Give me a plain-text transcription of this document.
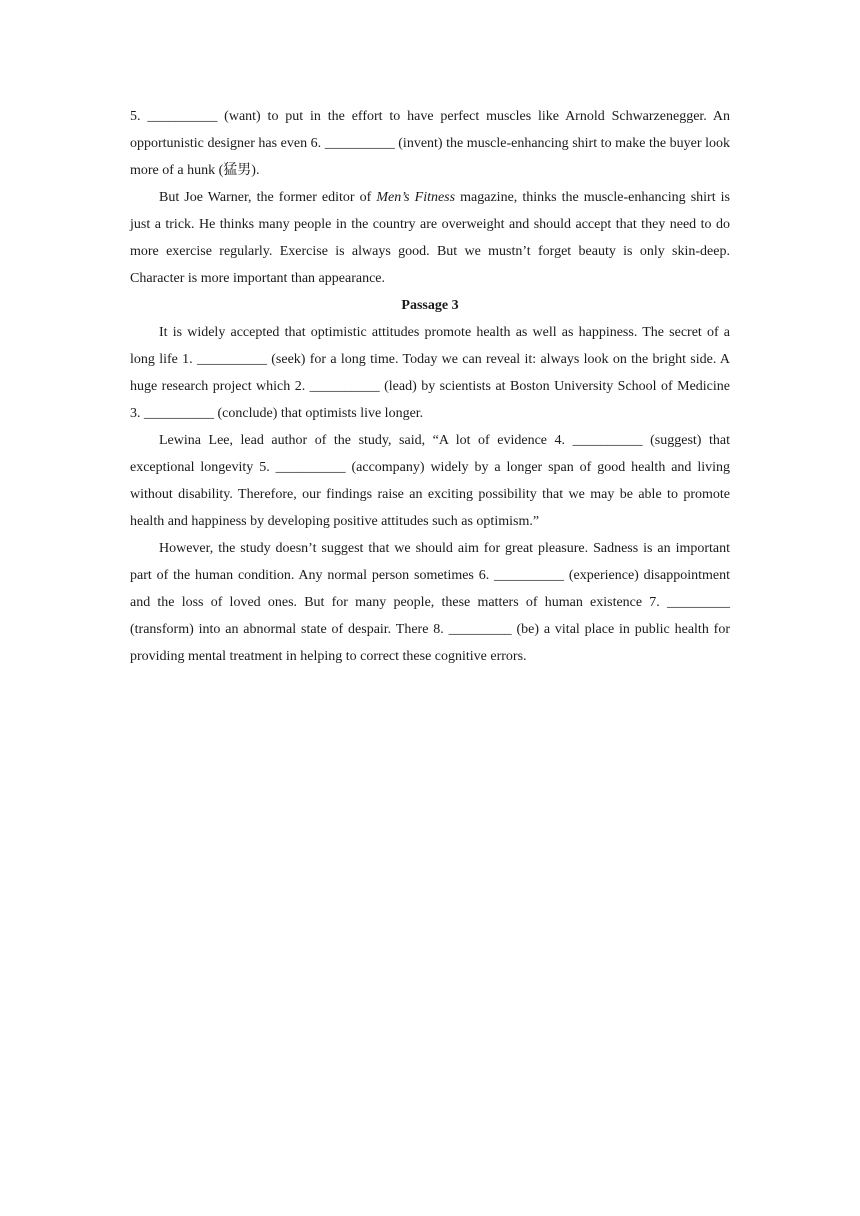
5. __________ (want) to put in the effort to have perfect muscles like Arnold Schwarzenegger. An opportunistic designer has even 6. __________ (invent) the muscle-enhancing shirt to make the buyer look more of a hunk (猛男).

But Joe Warner, the former editor of Men’s Fitness magazine, thinks the muscle-enhancing shirt is just a trick. He thinks many people in the country are overweight and should accept that they need to do more exercise regularly. Exercise is always good. But we mustn’t forget beauty is only skin-deep. Character is more important than appearance.

Passage 3

It is widely accepted that optimistic attitudes promote health as well as happiness. The secret of a long life 1. __________ (seek) for a long time. Today we can reveal it: always look on the bright side. A huge research project which 2. __________ (lead) by scientists at Boston University School of Medicine 3. __________ (conclude) that optimists live longer.

Lewina Lee, lead author of the study, said, “A lot of evidence 4. __________ (suggest) that exceptional longevity 5. __________ (accompany) widely by a longer span of good health and living without disability. Therefore, our findings raise an exciting possibility that we may be able to promote health and happiness by developing positive attitudes such as optimism.”

However, the study doesn’t suggest that we should aim for great pleasure. Sadness is an important part of the human condition. Any normal person sometimes 6. __________ (experience) disappointment and the loss of loved ones. But for many people, these matters of human existence 7. _________ (transform) into an abnormal state of despair. There 8. _________ (be) a vital place in public health for providing mental treatment in helping to correct these cognitive errors.
